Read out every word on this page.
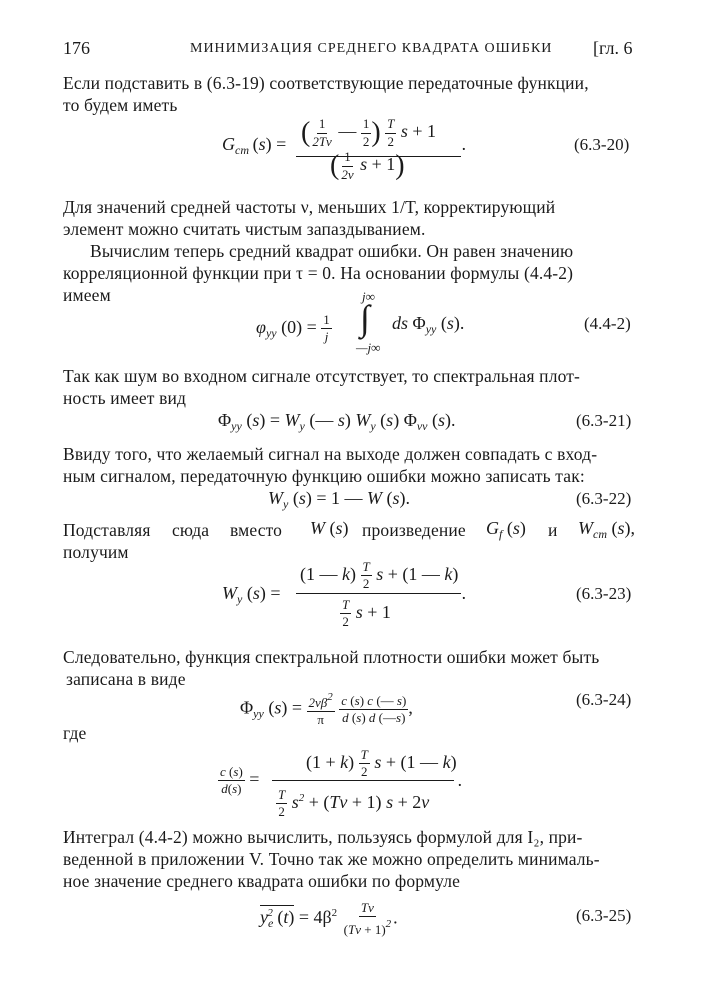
176	МИНИМИЗАЦИЯ СРЕДНЕГО КВАДРАТА ОШИБКИ [гл. 6
Если подставить в (6.3-19) соответствующие передаточные функции,
то будем иметь
$G_{cm}$  (s) = ( $\frac{1}{2T\nu}$ — $\frac{1}{2}$ ) $\frac{T}{2}$ s + 1
( $\frac{1}{2\nu}$ s + 1)
.	(6.3-20)
Для значений средней частоты ν, меньших 1/T, корректирующий
элемент можно считать чистым запаздыванием.
Вычислим теперь средний квадрат ошибки. Он равен значению
корреляционной функции при τ = 0. На основании формулы (4.4-2)
имеем
$\varphi_{yy}$ $(0) = \frac{1}{j}$
j∞
∫
—j∞
ds $\Phi_{yy}$ (s).	(4.4-2)
Так как шум во входном сигнале отсутствует, то спектральная плот-
ность имеет вид
$\Phi_{yy}$ $(s) = W_y$ (— s) $W_y$ (s) $\Phi_{vv}$ (s).	(6.3-21)
Ввиду того, что желаемый сигнал на выходе должен совпадать с вход-
ным сигналом, передаточную функцию ошибки можно записать так:
$W_y$ (s) = 1 — W (s).	(6.3-22)
Подставляя сюда вместо W (s) произведение $G_f$ (s) и $W_{cm}$ (s),
получим
$W_y$ (s) =
(1 — $k) \frac{T}{2}$ s + (1 — k)
$\frac{T}{2}$ s + 1
.	(6.3-23)
Следовательно, функция спектральной плотности ошибки может быть
записана в виде
$\Phi_{yy}$ $(s) = \frac{2\nu\beta^2}{\pi}$
$\frac{c (s) c (— s)}{d (s) d (—s)}$ ,	(6.3-24)
где
$\frac{c (s)}{d(s)}$ =
$(1 + k) \frac{T}{2}$ s + (1 — k)
$\frac{T}{2} s^2 + (T\nu + 1) s + 2\nu$
.
Интеграл (4.4-2) можно вычислить, пользуясь формулой для I₂, при-
веденной в приложении V. Точно так же можно определить минималь-
ное значение среднего квадрата ошибки по формуле
$y_e^2$ $(t) = 4\beta^2 \frac{T\nu}{(T\nu + 1)^2}$ .	(6.3-25)
